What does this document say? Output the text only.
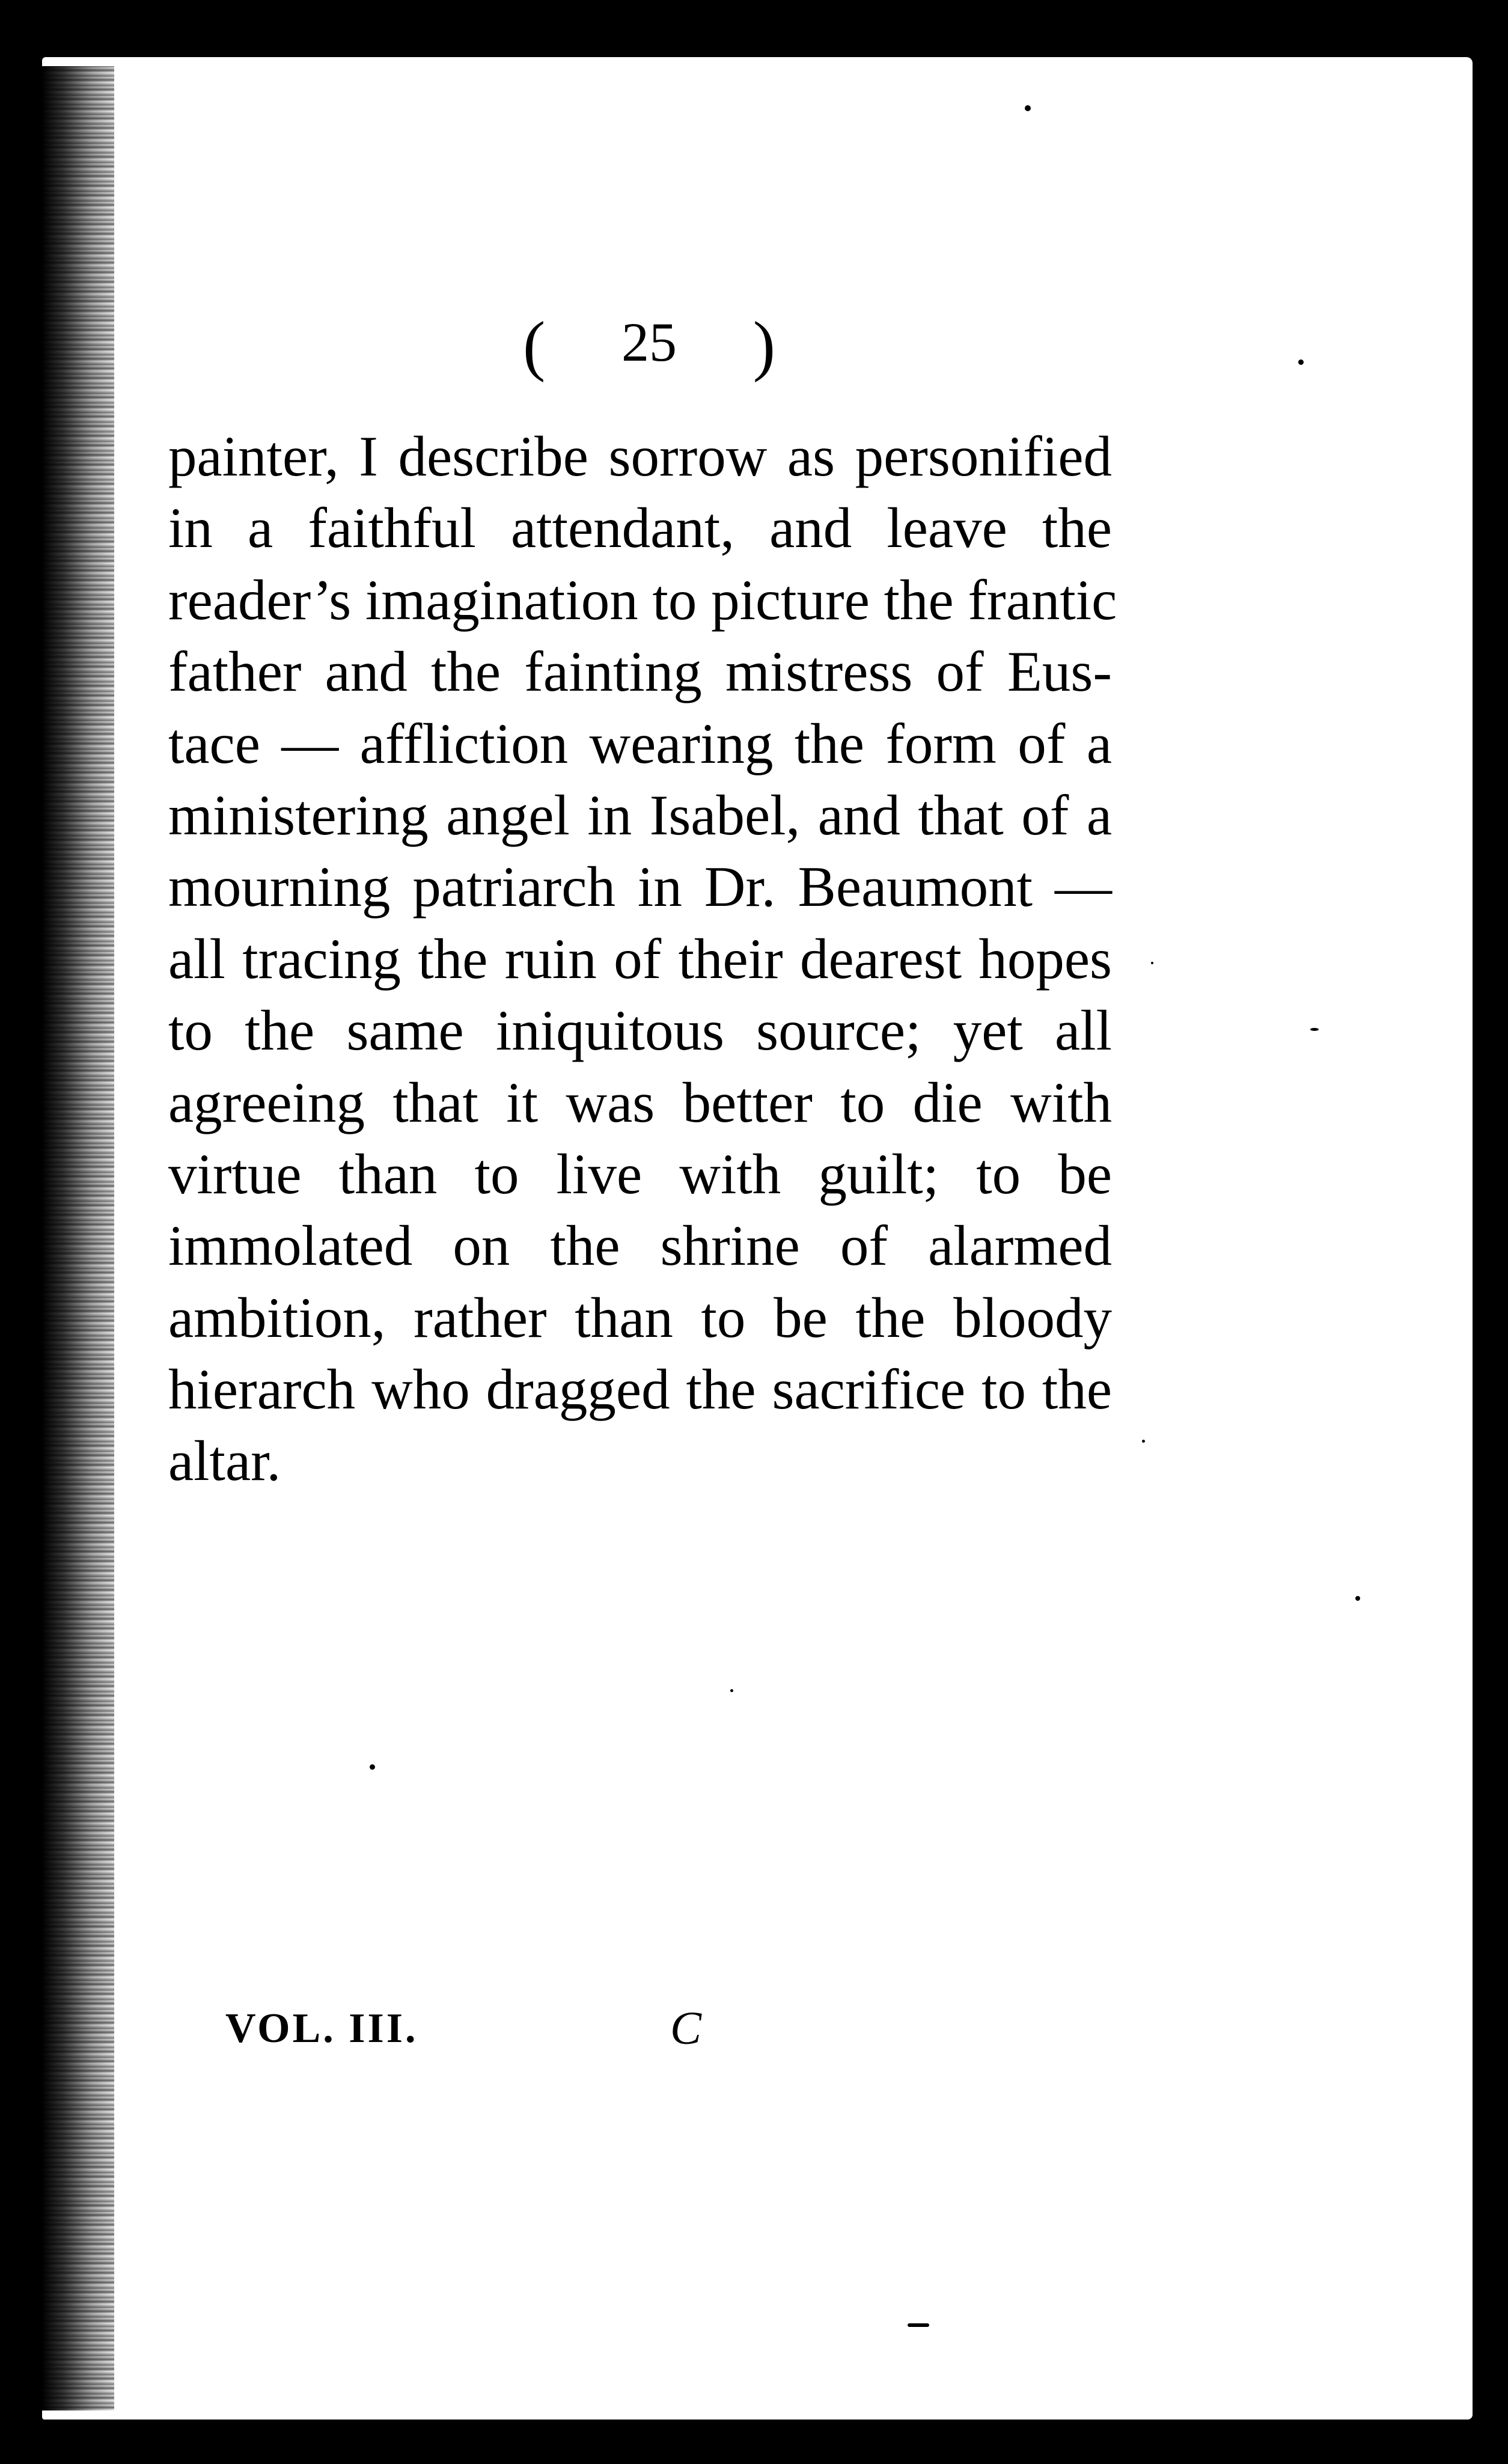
( 25 )
painter, I describe sorrow as personified
in a faithful attendant, and leave the
reader’s imagination to picture the frantic
father and the fainting mistress of Eus-
tace — affliction wearing the form of a
ministering angel in Isabel, and that of a
mourning patriarch in Dr. Beaumont —
all tracing the ruin of their dearest hopes
to the same iniquitous source; yet all
agreeing that it was better to die with
virtue than to live with guilt; to be
immolated on the shrine of alarmed
ambition, rather than to be the bloody
hierarch who dragged the sacrifice to the
altar.
VOL. III.	C
